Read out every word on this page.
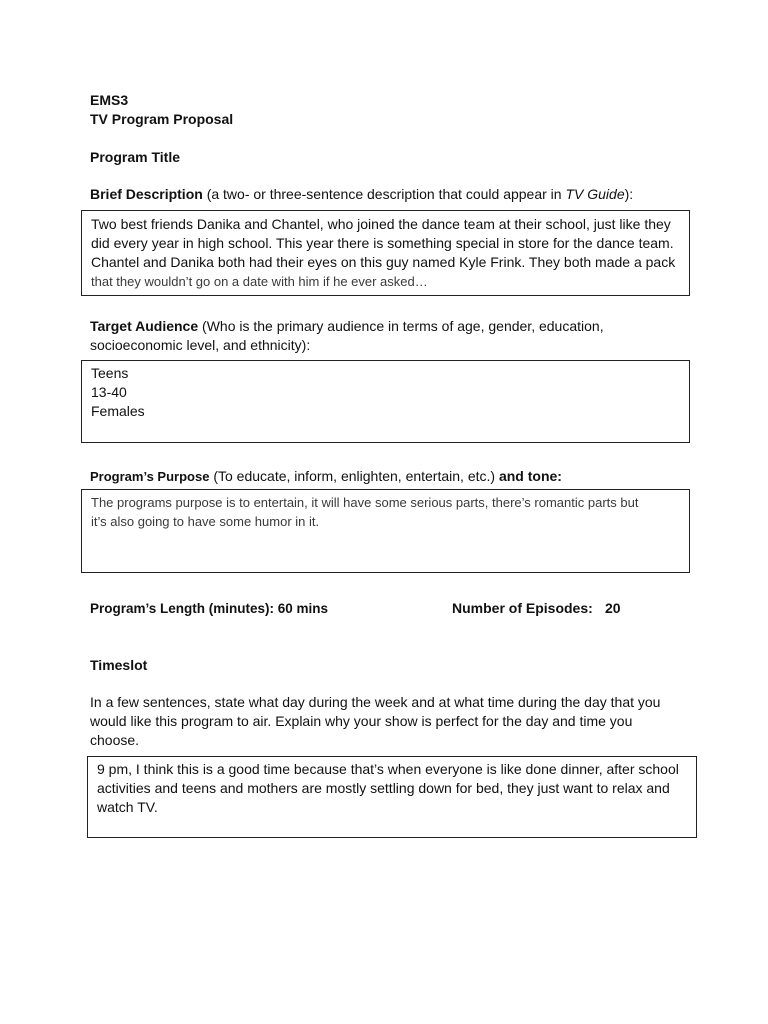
EMS3
TV Program Proposal
Program Title
Brief Description (a two- or three-sentence description that could appear in TV Guide):
Two best friends Danika and Chantel, who joined the dance team at their school, just like they
did every year in high school. This year there is something special in store for the dance team.
Chantel and Danika both had their eyes on this guy named Kyle Frink. They both made a pack
that they wouldn’t go on a date with him if he ever asked…
Target Audience (Who is the primary audience in terms of age, gender, education,
socioeconomic level, and ethnicity):
Teens
13-40
Females
Program’s Purpose (To educate, inform, enlighten, entertain, etc.) and tone:
The programs purpose is to entertain, it will have some serious parts, there’s romantic parts but
it’s also going to have some humor in it.
Program’s Length (minutes): 60 mins	Number of Episodes: 20
Timeslot
In a few sentences, state what day during the week and at what time during the day that you
would like this program to air. Explain why your show is perfect for the day and time you
choose.
9 pm, I think this is a good time because that’s when everyone is like done dinner, after school
activities and teens and mothers are mostly settling down for bed, they just want to relax and
watch TV.
